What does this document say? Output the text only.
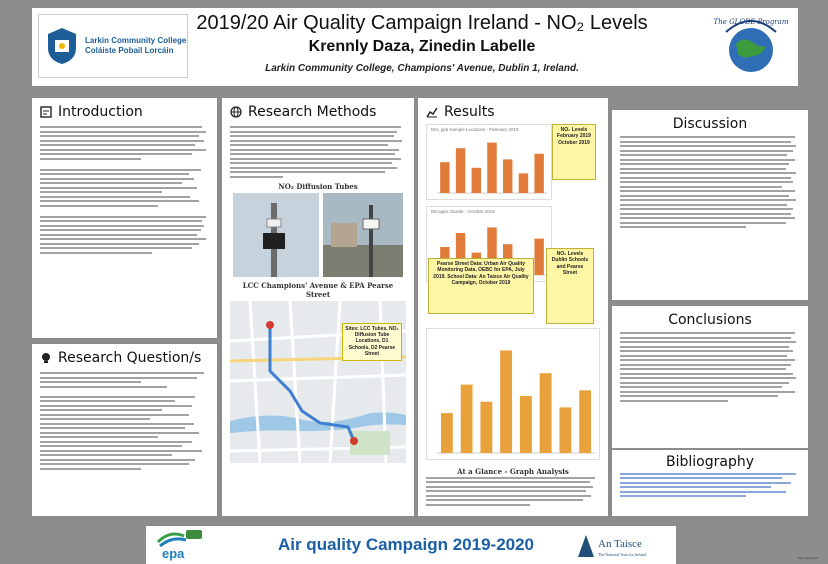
Larkin Community College
Coláiste Pobail Lorcáin
2019/20 Air Quality Campaign Ireland - NO₂ Levels
Krennly Daza, Zinedin Labelle
Larkin Community College, Champions' Avenue, Dublin 1, Ireland.
The GLOBE Program
Introduction
Research Question/s
Research Methods
NO₂ Diffusion Tubes
LCC Champions' Avenue & EPA Pearse Street
Sites: LCC Tubes, NO₂ Diffusion Tube Locations, D1 Schools, D2 Pearse Street
Results
NO₂ ppb Sample Locations - February 2019
Nitrogen dioxide - October 2019
NO₂ Levels February 2019 October 2019
Pearse Street Data: Urban Air Quality Monitoring Data, OEBC for EPA, July 2019. School Data: An Taisce Air Quality Campaign, October 2019
NO₂ Levels Dublin Schools and Pearse Street
At a Glance - Graph Analysis
Discussion
Conclusions
Bibliography
epa	Air quality Campaign 2019-2020	An Taisce
The National Trust for Ireland
www.globe.gov
